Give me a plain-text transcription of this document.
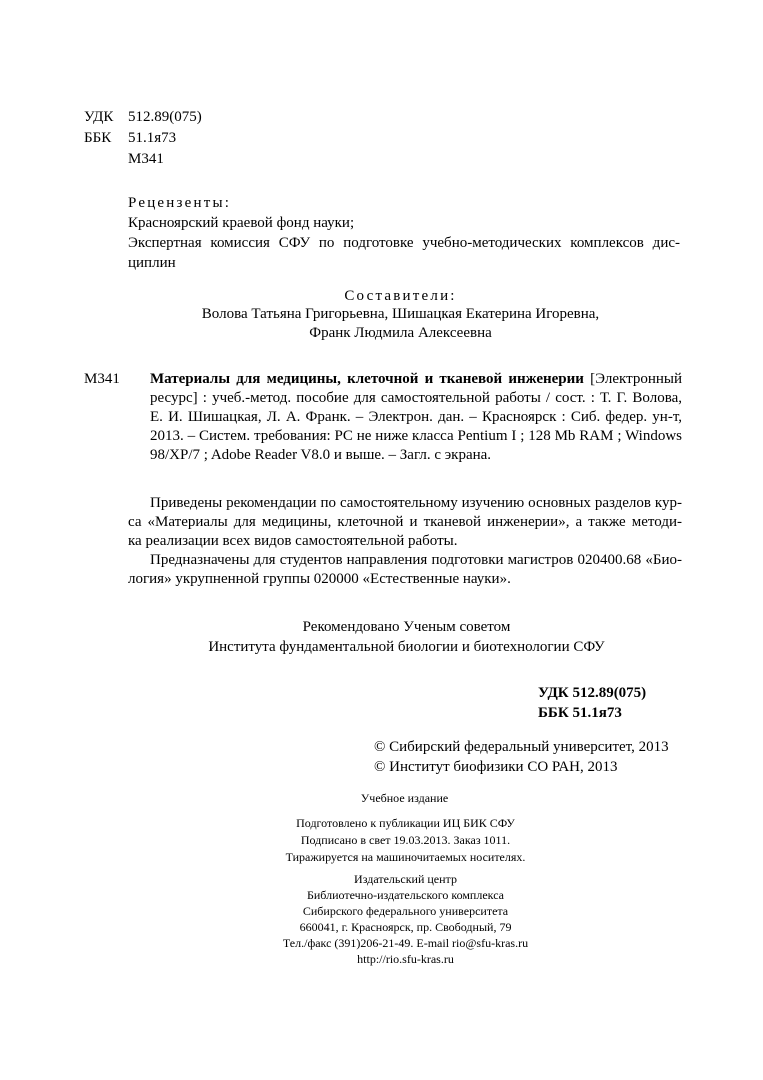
УДК 512.89(075)
ББК 51.1я73
М341
Рецензенты:
Красноярский краевой фонд науки;
Экспертная комиссия СФУ по подготовке учебно-методических комплексов дис-
циплин
Составители:
Волова Татьяна Григорьевна, Шишацкая Екатерина Игоревна,
Франк Людмила Алексеевна
М341 Материалы для медицины, клеточной и тканевой инженерии [Электронный
ресурс] : учеб.-метод. пособие для самостоятельной работы / сост. : Т. Г. Волова,
Е. И. Шишацкая, Л. А. Франк. – Электрон. дан. – Красноярск : Сиб. федер. ун-т,
2013. – Систем. требования: PC не ниже класса Pentium I ; 128 Mb RAM ; Windows
98/XP/7 ; Adobe Reader V8.0 и выше. – Загл. с экрана.
Приведены рекомендации по самостоятельному изучению основных разделов кур-
са «Материалы для медицины, клеточной и тканевой инженерии», а также методи-
ка реализации всех видов самостоятельной работы.
Предназначены для студентов направления подготовки магистров 020400.68 «Био-
логия» укрупненной группы 020000 «Естественные науки».
Рекомендовано Ученым советом
Института фундаментальной биологии и биотехнологии СФУ
УДК 512.89(075)
ББК 51.1я73
© Сибирский федеральный университет, 2013
© Институт биофизики СО РАН, 2013
Учебное издание
Подготовлено к публикации ИЦ БИК СФУ
Подписано в свет 19.03.2013. Заказ 1011.
Тиражируется на машиночитаемых носителях.
Издательский центр
Библиотечно-издательского комплекса
Сибирского федерального университета
660041, г. Красноярск, пр. Свободный, 79
Тел./факс (391)206-21-49. E-mail rio@sfu-kras.ru
http://rio.sfu-kras.ru
